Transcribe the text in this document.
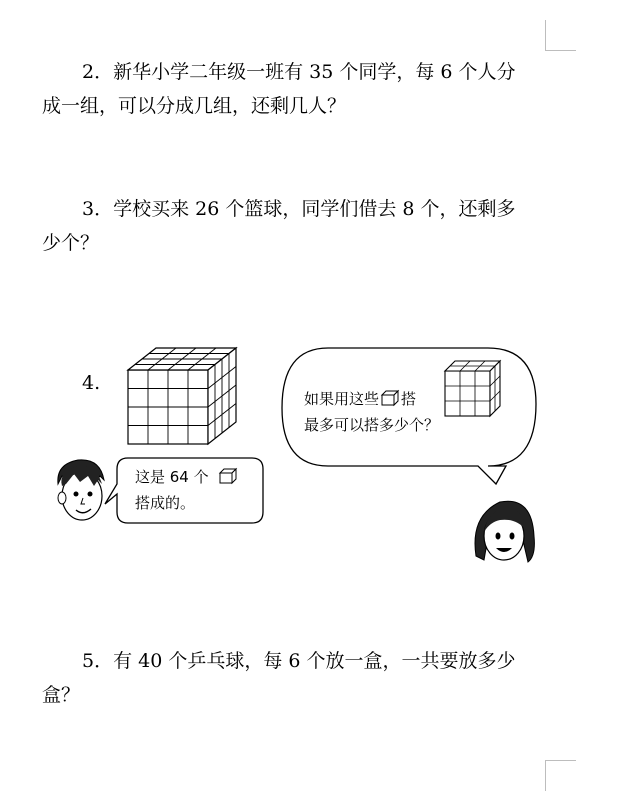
2．新华小学二年级一班有 35 个同学，每 6 个人分
成一组，可以分成几组，还剩几人？
3．学校买来 26 个篮球，同学们借去 8 个，还剩多
少个？
4.
这是 64 个
搭成的。
如果用这些 搭
最多可以搭多少个？
5．有 40 个乒乓球，每 6 个放一盒，一共要放多少
盒？
